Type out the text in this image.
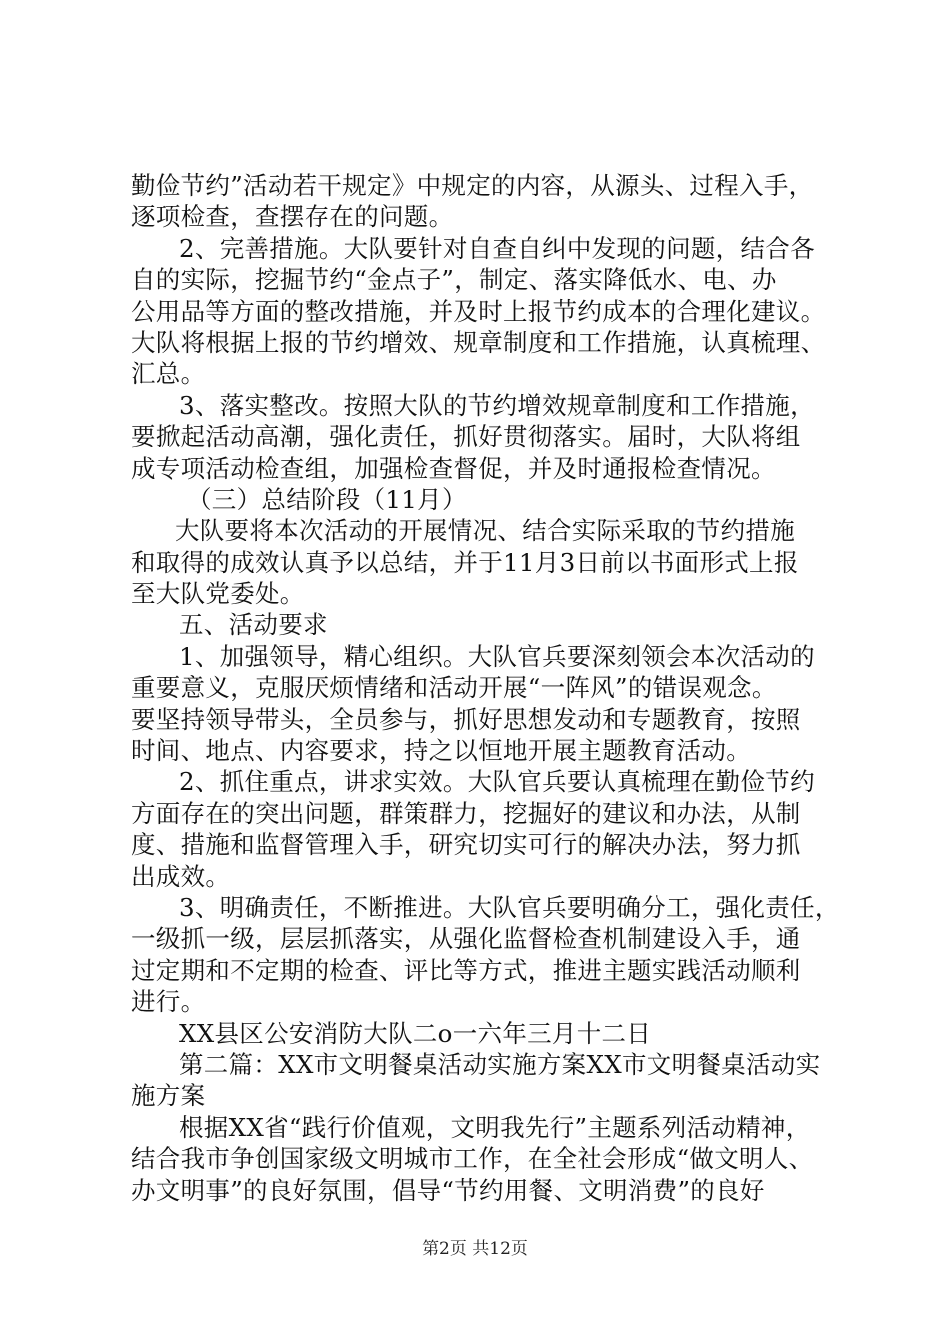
勤俭节约”活动若干规定》中规定的内容，从源头、过程入手，
逐项检查，查摆存在的问题。
2、完善措施。大队要针对自查自纠中发现的问题，结合各
自的实际，挖掘节约“金点子”，制定、落实降低水、电、办
公用品等方面的整改措施，并及时上报节约成本的合理化建议。
大队将根据上报的节约增效、规章制度和工作措施，认真梳理、
汇总。
3、落实整改。按照大队的节约增效规章制度和工作措施，
要掀起活动高潮，强化责任，抓好贯彻落实。届时，大队将组
成专项活动检查组，加强检查督促，并及时通报检查情况。
（三）总结阶段（11月）
大队要将本次活动的开展情况、结合实际采取的节约措施
和取得的成效认真予以总结，并于11月3日前以书面形式上报
至大队党委处。
五、活动要求
1、加强领导，精心组织。大队官兵要深刻领会本次活动的
重要意义，克服厌烦情绪和活动开展“一阵风”的错误观念。
要坚持领导带头，全员参与，抓好思想发动和专题教育，按照
时间、地点、内容要求，持之以恒地开展主题教育活动。
2、抓住重点，讲求实效。大队官兵要认真梳理在勤俭节约
方面存在的突出问题，群策群力，挖掘好的建议和办法，从制
度、措施和监督管理入手，研究切实可行的解决办法，努力抓
出成效。
3、明确责任，不断推进。大队官兵要明确分工，强化责任，
一级抓一级，层层抓落实，从强化监督检查机制建设入手，通
过定期和不定期的检查、评比等方式，推进主题实践活动顺利
进行。
XX县区公安消防大队二o一六年三月十二日
第二篇：XX市文明餐桌活动实施方案XX市文明餐桌活动实
施方案
根据XX省“践行价值观，文明我先行”主题系列活动精神，
结合我市争创国家级文明城市工作，在全社会形成“做文明人、
办文明事”的良好氛围，倡导“节约用餐、文明消费”的良好
第2页 共12页
